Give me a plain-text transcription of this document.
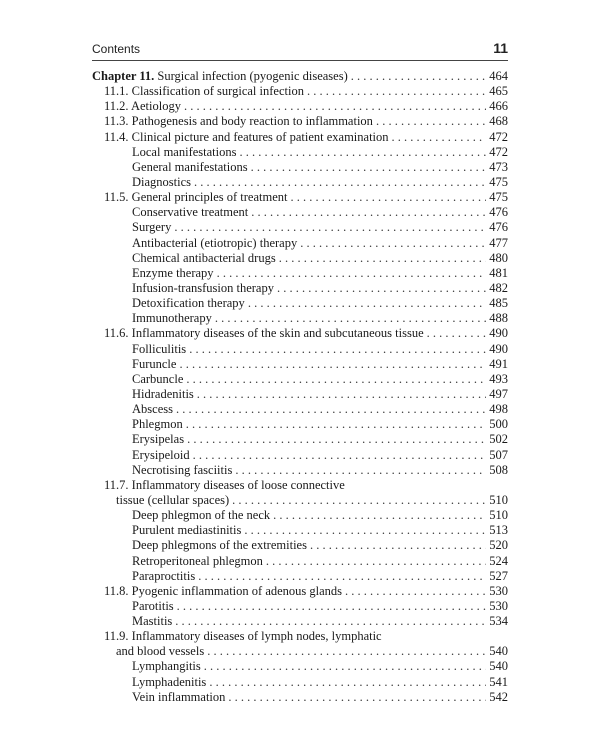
Contents	11
Chapter 11. Surgical infection (pyogenic diseases) . . .	464
11.1. Classification of surgical infection . . .	465
11.2. Aetiology . . .	466
11.3. Pathogenesis and body reaction to inflammation . . .	468
11.4. Clinical picture and features of patient examination . . .	472
Local manifestations . . .	472
General manifestations . . .	473
Diagnostics . . .	475
11.5. General principles of treatment . . .	475
Conservative treatment . . .	476
Surgery . . .	476
Antibacterial (etiotropic) therapy . . .	477
Chemical antibacterial drugs . . .	480
Enzyme therapy . . .	481
Infusion-transfusion therapy . . .	482
Detoxification therapy . . .	485
Immunotherapy . . .	488
11.6. Inflammatory diseases of the skin and subcutaneous tissue . . .	490
Folliculitis . . .	490
Furuncle . . .	491
Carbuncle . . .	493
Hidradenitis . . .	497
Abscess . . .	498
Phlegmon . . .	500
Erysipelas . . .	502
Erysipeloid . . .	507
Necrotising fasciitis . . .	508
11.7. Inflammatory diseases of loose connective
tissue (cellular spaces) . . .	510
Deep phlegmon of the neck . . .	510
Purulent mediastinitis . . .	513
Deep phlegmons of the extremities . . .	520
Retroperitoneal phlegmon . . .	524
Paraproctitis . . .	527
11.8. Pyogenic inflammation of adenous glands . . .	530
Parotitis . . .	530
Mastitis . . .	534
11.9. Inflammatory diseases of lymph nodes, lymphatic
and blood vessels . . .	540
Lymphangitis . . .	540
Lymphadenitis . . .	541
Vein inflammation . . .	542
